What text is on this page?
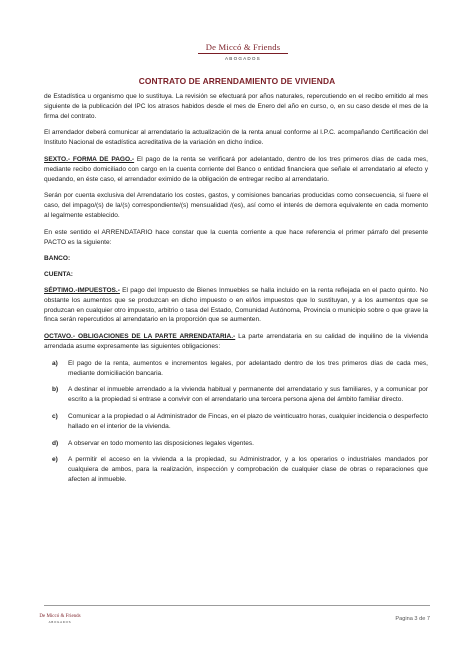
De Miccó & Friends
ABOGADOS
CONTRATO DE ARRENDAMIENTO DE VIVIENDA

de Estadística u organismo que lo sustituya. La revisión se efectuará por años naturales, repercutiendo en el recibo emitido al mes siguiente de la publicación del IPC los atrasos habidos desde el mes de Enero del año en curso, o, en su caso desde el mes de la firma del contrato.

El arrendador deberá comunicar al arrendatario la actualización de la renta anual conforme al I.P.C. acompañando Certificación del Instituto Nacional de estadística acreditativa de la variación en dicho índice.

SEXTO.- FORMA DE PAGO.- El pago de la renta se verificará por adelantado, dentro de los tres primeros días de cada mes, mediante recibo domiciliado con cargo en la cuenta corriente del Banco o entidad financiera que señale el arrendatario al efecto y quedando, en éste caso, el arrendador eximido de la obligación de entregar recibo al arrendatario.

Serán por cuenta exclusiva del Arrendatario los costes, gastos, y comisiones bancarias producidas como consecuencia, si fuere el caso, del impago/(s) de la/(s) correspondiente/(s) mensualidad /(es), así como el interés de demora equivalente en cada momento al legalmente establecido.

En este sentido el ARRENDATARIO hace constar que la cuenta corriente a que hace referencia el primer párrafo del presente PACTO es la siguiente:

BANCO:

CUENTA:

SÉPTIMO.-IMPUESTOS.- El pago del Impuesto de Bienes Inmuebles se halla incluido en la renta reflejada en el pacto quinto. No obstante los aumentos que se produzcan en dicho impuesto o en el/los impuestos que lo sustituyan, y a los aumentos que se produzcan en cualquier otro impuesto, arbitrio o tasa del Estado, Comunidad Autónoma, Provincia o municipio sobre o que grave la finca serán repercutidos al arrendatario en la proporción que se aumenten.

OCTAVO.- OBLIGACIONES DE LA PARTE ARRENDATARIA.- La parte arrendataria en su calidad de inquilino de la vivienda arrendada asume expresamente las siguientes obligaciones:

a) El pago de la renta, aumentos e incrementos legales, por adelantado dentro de los tres primeros días de cada mes, mediante domiciliación bancaria.
b) A destinar el inmueble arrendado a la vivienda habitual y permanente del arrendatario y sus familiares, y a comunicar por escrito a la propiedad si entrase a convivir con el arrendatario una tercera persona ajena del ámbito familiar directo.
c) Comunicar a la propiedad o al Administrador de Fincas, en el plazo de veinticuatro horas, cualquier incidencia o desperfecto hallado en el interior de la vivienda.
d) A observar en todo momento las disposiciones legales vigentes.
e) A permitir el acceso en la vivienda a la propiedad, su Administrador, y a los operarios o industriales mandados por cualquiera de ambos, para la realización, inspección y comprobación de cualquier clase de obras o reparaciones que afecten al inmueble.
De Miccó & Friends
ABOGADOS	Pagina 3 de 7
